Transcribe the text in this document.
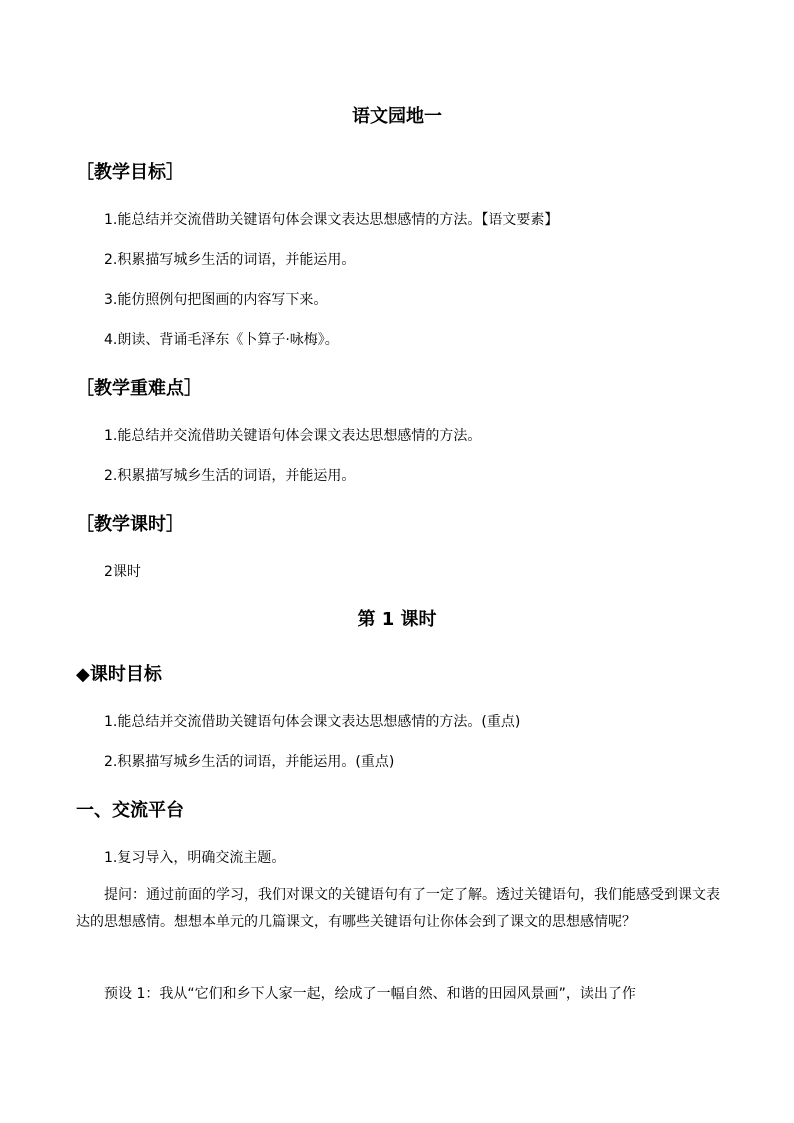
语文园地一
［教学目标］
1.能总结并交流借助关键语句体会课文表达思想感情的方法。【语文要素】
2.积累描写城乡生活的词语，并能运用。
3.能仿照例句把图画的内容写下来。
4.朗读、背诵毛泽东《卜算子·咏梅》。
［教学重难点］
1.能总结并交流借助关键语句体会课文表达思想感情的方法。
2.积累描写城乡生活的词语，并能运用。
［教学课时］
2课时
第 1 课时
◆课时目标
1.能总结并交流借助关键语句体会课文表达思想感情的方法。(重点)
2.积累描写城乡生活的词语，并能运用。(重点)
一、交流平台
1.复习导入，明确交流主题。
提问：通过前面的学习，我们对课文的关键语句有了一定了解。透过关键语句，我们能感受到课文表达的思想感情。想想本单元的几篇课文，有哪些关键语句让你体会到了课文的思想感情呢？
预设 1：我从“它们和乡下人家一起，绘成了一幅自然、和谐的田园风景画”，读出了作
